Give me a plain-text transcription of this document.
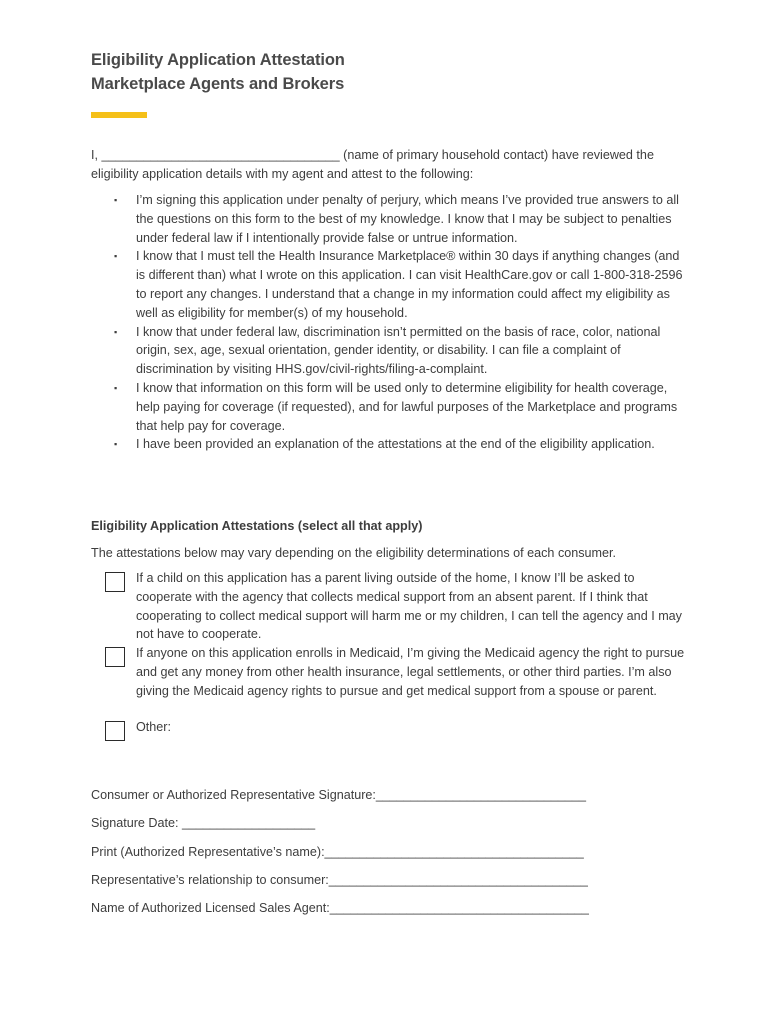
Eligibility Application Attestation
Marketplace Agents and Brokers
I, __________________________________ (name of primary household contact) have reviewed the eligibility application details with my agent and attest to the following:
▪ I’m signing this application under penalty of perjury, which means I’ve provided true answers to all the questions on this form to the best of my knowledge. I know that I may be subject to penalties under federal law if I intentionally provide false or untrue information.
▪ I know that I must tell the Health Insurance Marketplace® within 30 days if anything changes (and is different than) what I wrote on this application. I can visit HealthCare.gov or call 1-800-318-2596 to report any changes. I understand that a change in my information could affect my eligibility as well as eligibility for member(s) of my household.
▪ I know that under federal law, discrimination isn’t permitted on the basis of race, color, national origin, sex, age, sexual orientation, gender identity, or disability. I can file a complaint of discrimination by visiting HHS.gov/civil-rights/filing-a-complaint.
▪ I know that information on this form will be used only to determine eligibility for health coverage, help paying for coverage (if requested), and for lawful purposes of the Marketplace and programs that help pay for coverage.
▪ I have been provided an explanation of the attestations at the end of the eligibility application.
Eligibility Application Attestations (select all that apply)
The attestations below may vary depending on the eligibility determinations of each consumer.
If a child on this application has a parent living outside of the home, I know I’ll be asked to cooperate with the agency that collects medical support from an absent parent. If I think that cooperating to collect medical support will harm me or my children, I can tell the agency and I may not have to cooperate.
If anyone on this application enrolls in Medicaid, I’m giving the Medicaid agency the right to pursue and get any money from other health insurance, legal settlements, or other third parties. I’m also giving the Medicaid agency rights to pursue and get medical support from a spouse or parent.
Other:
Consumer or Authorized Representative Signature:______________________________
Signature Date: ___________________
Print (Authorized Representative’s name):_____________________________________
Representative’s relationship to consumer:_____________________________________
Name of Authorized Licensed Sales Agent:_____________________________________
